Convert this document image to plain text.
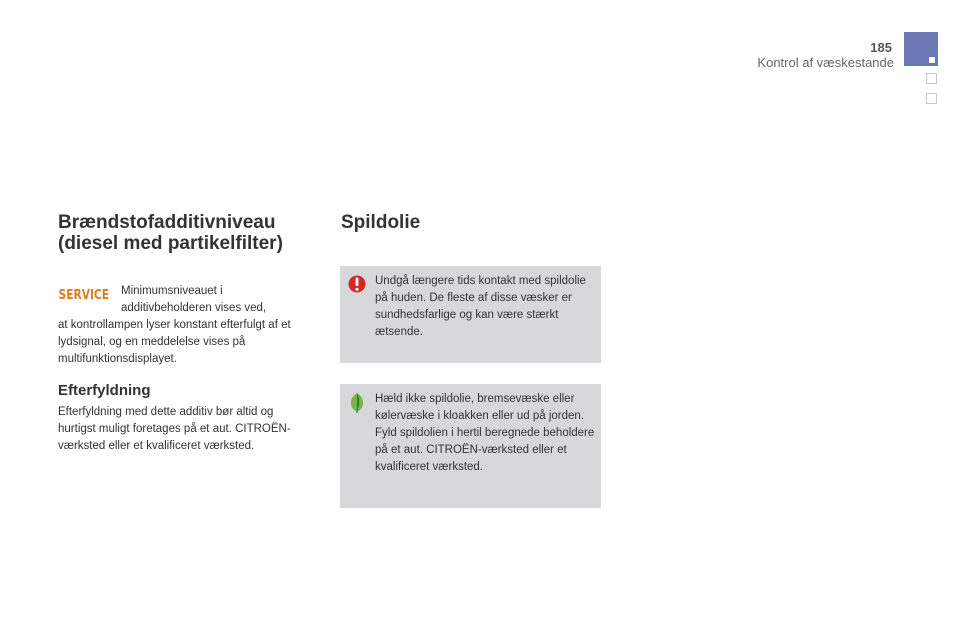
185
Kontrol af væskestande
Brændstofadditivniveau
(diesel med partikelfilter)
SERVICE Minimumsniveauet i
additivbeholderen vises ved,
at kontrollampen lyser konstant efterfulgt af et lydsignal, og en meddelelse vises på multifunktionsdisplayet.
Efterfyldning
Efterfyldning med dette additiv bør altid og hurtigst muligt foretages på et aut. CITROËN-værksted eller et kvalificeret værksted.
Spildolie
Undgå længere tids kontakt med spildolie på huden. De fleste af disse væsker er sundhedsfarlige og kan være stærkt ætsende.
Hæld ikke spildolie, bremsevæske eller kølervæske i kloakken eller ud på jorden. Fyld spildolien i hertil beregnede beholdere på et aut. CITROËN-værksted eller et kvalificeret værksted.
